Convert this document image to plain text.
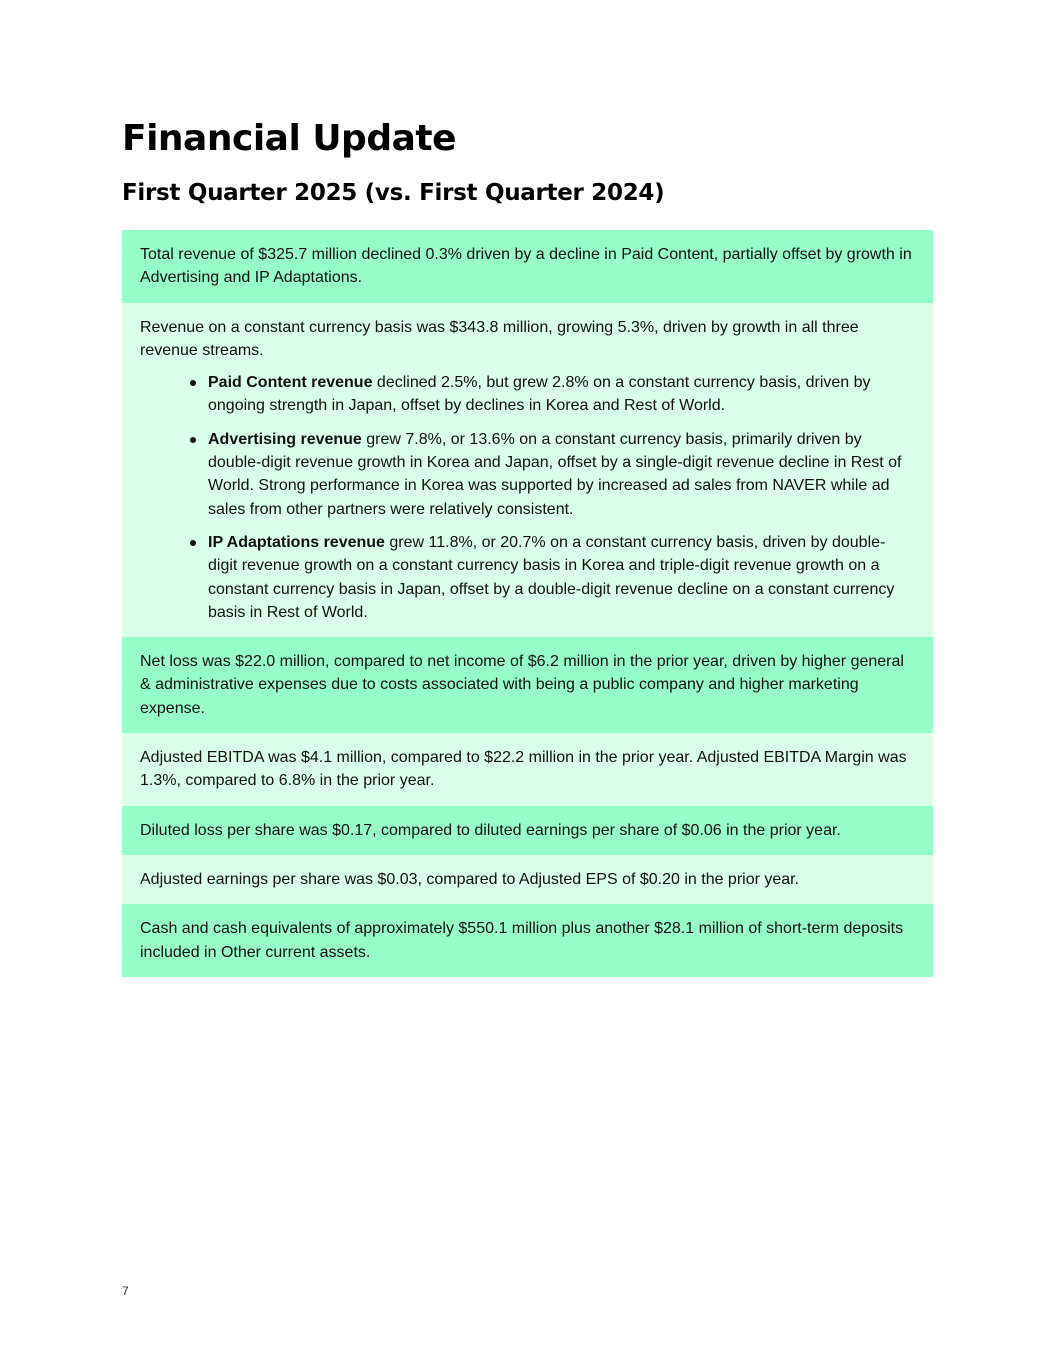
Financial Update
First Quarter 2025 (vs. First Quarter 2024)

Total revenue of $325.7 million declined 0.3% driven by a decline in Paid Content, partially offset by growth in Advertising and IP Adaptations.

Revenue on a constant currency basis was $343.8 million, growing 5.3%, driven by growth in all three revenue streams.

Paid Content revenue declined 2.5%, but grew 2.8% on a constant currency basis, driven by ongoing strength in Japan, offset by declines in Korea and Rest of World.
Advertising revenue grew 7.8%, or 13.6% on a constant currency basis, primarily driven by double-digit revenue growth in Korea and Japan, offset by a single-digit revenue decline in Rest of World. Strong performance in Korea was supported by increased ad sales from NAVER while ad sales from other partners were relatively consistent.
IP Adaptations revenue grew 11.8%, or 20.7% on a constant currency basis, driven by double-digit revenue growth on a constant currency basis in Korea and triple-digit revenue growth on a constant currency basis in Japan, offset by a double-digit revenue decline on a constant currency basis in Rest of World.

Net loss was $22.0 million, compared to net income of $6.2 million in the prior year, driven by higher general & administrative expenses due to costs associated with being a public company and higher marketing expense.

Adjusted EBITDA was $4.1 million, compared to $22.2 million in the prior year. Adjusted EBITDA Margin was 1.3%, compared to 6.8% in the prior year.

Diluted loss per share was $0.17, compared to diluted earnings per share of $0.06 in the prior year.

Adjusted earnings per share was $0.03, compared to Adjusted EPS of $0.20 in the prior year.

Cash and cash equivalents of approximately $550.1 million plus another $28.1 million of short-term deposits included in Other current assets.

7
